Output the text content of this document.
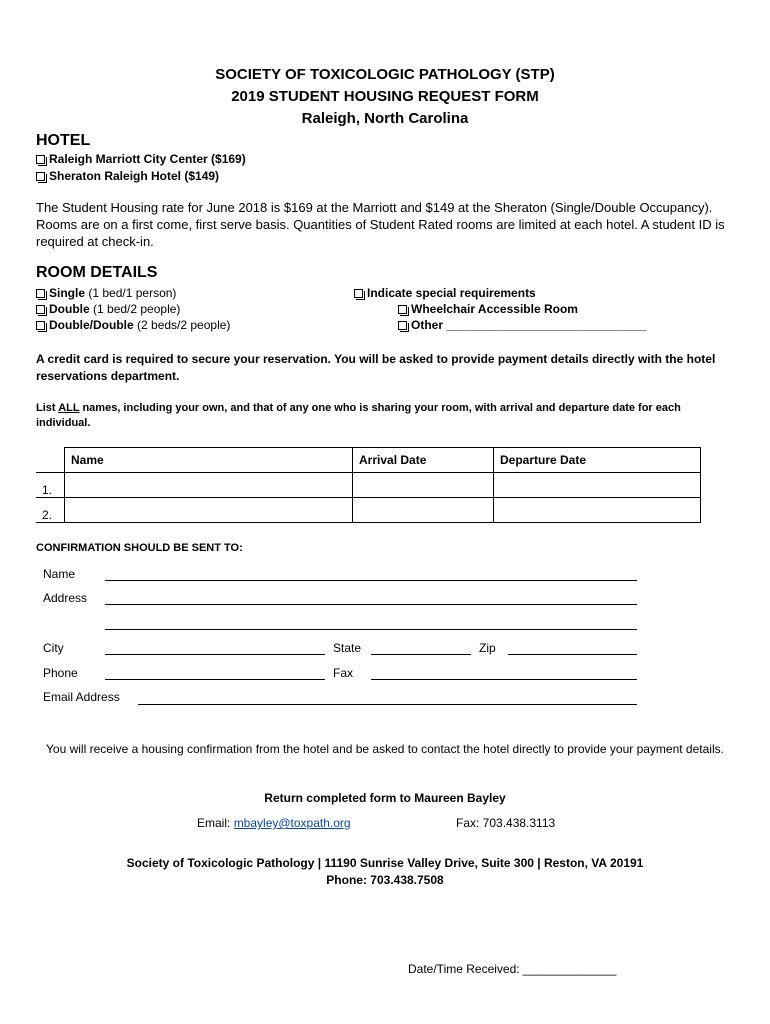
SOCIETY OF TOXICOLOGIC PATHOLOGY (STP)
2019 STUDENT HOUSING REQUEST FORM
Raleigh, North Carolina
HOTEL
Raleigh Marriott City Center ($169)
Sheraton Raleigh Hotel ($149)
The Student Housing rate for June 2018 is $169 at the Marriott and $149 at the Sheraton (Single/Double Occupancy). Rooms are on a first come, first serve basis. Quantities of Student Rated rooms are limited at each hotel. A student ID is required at check-in.
ROOM DETAILS
Single (1 bed/1 person)
Double (1 bed/2 people)
Double/Double (2 beds/2 people)
Indicate special requirements
Wheelchair Accessible Room
Other ______________________________
A credit card is required to secure your reservation. You will be asked to provide payment details directly with the hotel reservations department.
List ALL names, including your own, and that of any one who is sharing your room, with arrival and departure date for each individual.
	Name	Arrival Date	Departure Date
1.			
2.			
CONFIRMATION SHOULD BE SENT TO:
Name
Address
City	State	Zip
Phone	Fax
Email Address
You will receive a housing confirmation from the hotel and be asked to contact the hotel directly to provide your payment details.
Return completed form to Maureen Bayley
Email: mbayley@toxpath.org	Fax: 703.438.3113
Society of Toxicologic Pathology | 11190 Sunrise Valley Drive, Suite 300 | Reston, VA 20191
Phone: 703.438.7508
Date/Time Received: ______________
